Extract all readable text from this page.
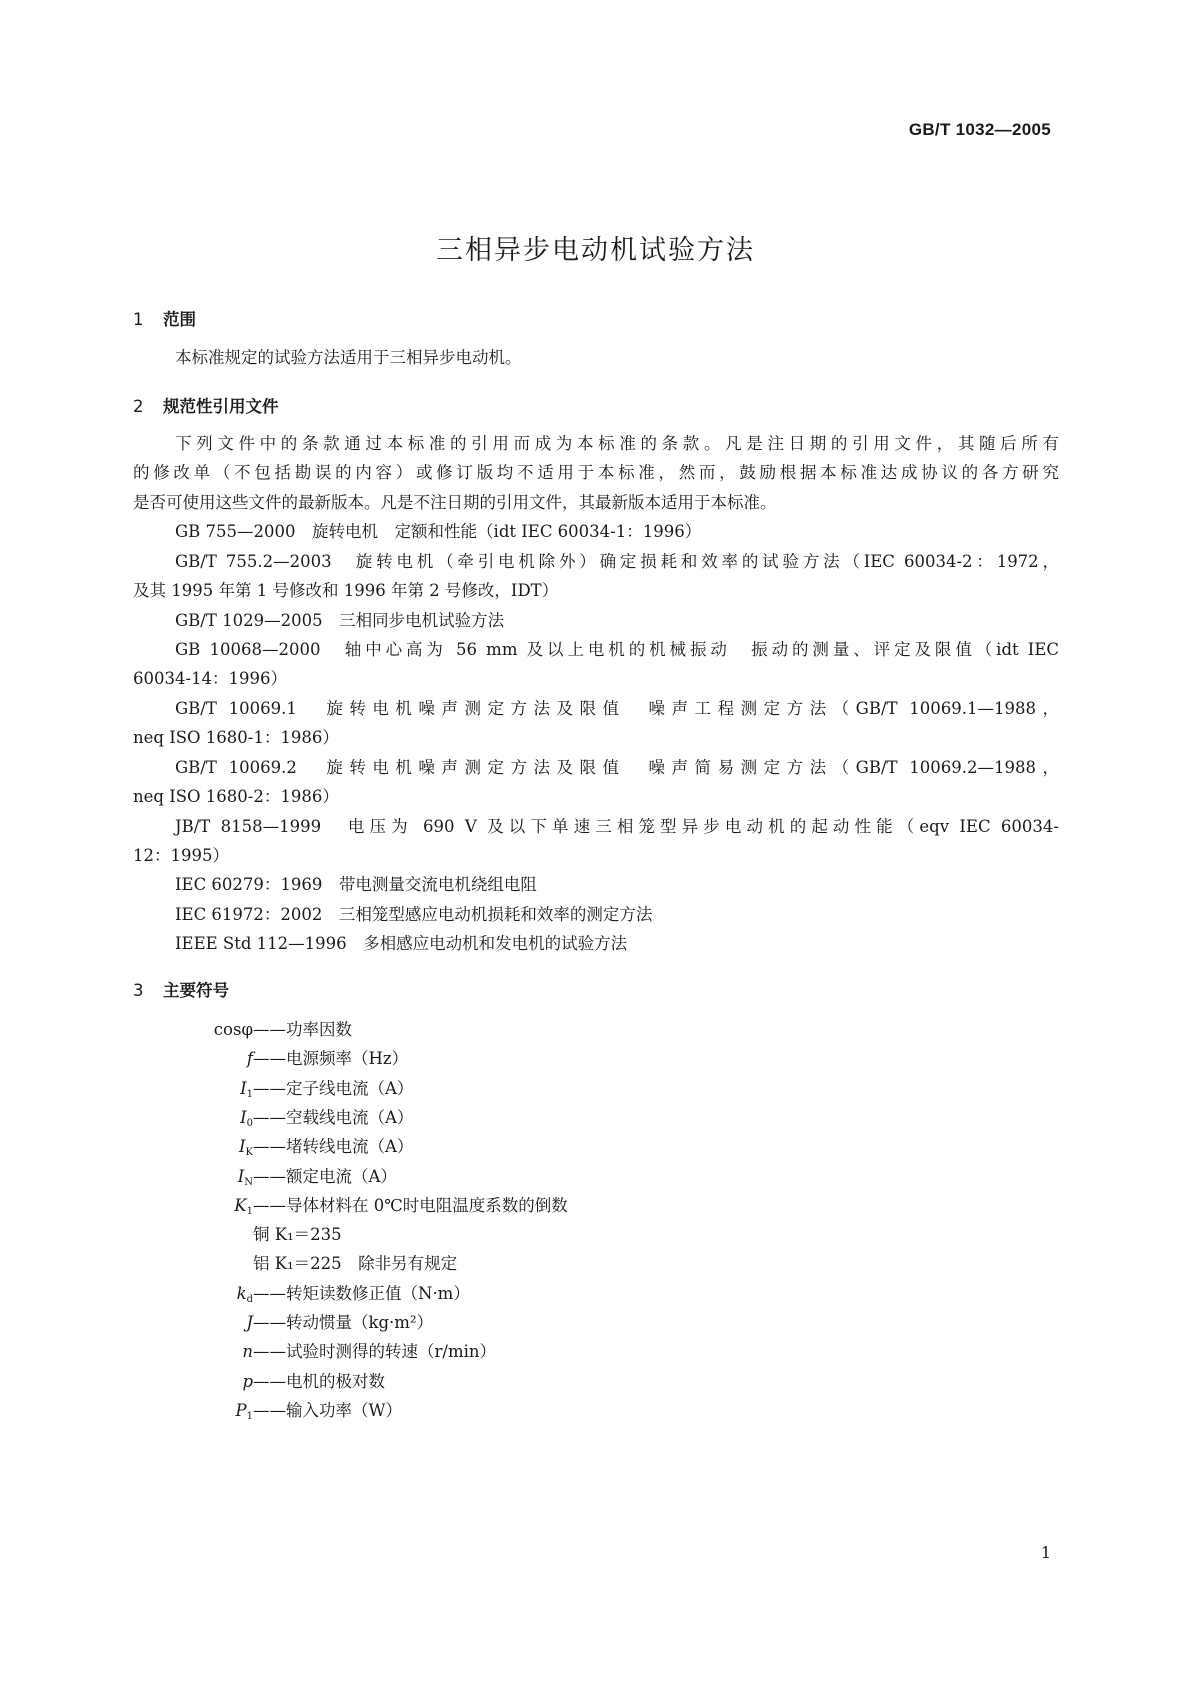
GB/T 1032—2005
三相异步电动机试验方法
1 范围
本标准规定的试验方法适用于三相异步电动机。
2 规范性引用文件
下列文件中的条款通过本标准的引用而成为本标准的条款。凡是注日期的引用文件，其随后所有
的修改单（不包括勘误的内容）或修订版均不适用于本标准，然而，鼓励根据本标准达成协议的各方研究
是否可使用这些文件的最新版本。凡是不注日期的引用文件，其最新版本适用于本标准。
GB 755—2000　旋转电机　定额和性能（idt IEC 60034-1：1996）
GB/T 755.2—2003　旋转电机（牵引电机除外）确定损耗和效率的试验方法（IEC 60034-2：1972，
及其 1995 年第 1 号修改和 1996 年第 2 号修改，IDT）
GB/T 1029—2005　三相同步电机试验方法
GB 10068—2000　轴中心高为 56 mm 及以上电机的机械振动　振动的测量、评定及限值（idt IEC
60034-14：1996）
GB/T 10069.1　旋转电机噪声测定方法及限值　噪声工程测定方法（GB/T 10069.1—1988，
neq ISO 1680-1：1986）
GB/T 10069.2　旋转电机噪声测定方法及限值　噪声简易测定方法（GB/T 10069.2—1988，
neq ISO 1680-2：1986）
JB/T 8158—1999　电压为 690 V 及以下单速三相笼型异步电动机的起动性能（eqv IEC 60034-
12：1995）
IEC 60279：1969　带电测量交流电机绕组电阻
IEC 61972：2002　三相笼型感应电动机损耗和效率的测定方法
IEEE Std 112—1996　多相感应电动机和发电机的试验方法
3 主要符号
cosφ ——功率因数
f ——电源频率（Hz）
$I_1$ ——定子线电流（A）
$I_0$ ——空载线电流（A）
$I_K$ ——堵转线电流（A）
$I_N$ ——额定电流（A）
$K_1$ ——导体材料在 0℃时电阻温度系数的倒数
铜 K₁＝235
铝 K₁＝225　除非另有规定
$k_d$ ——转矩读数修正值（N·m）
J ——转动惯量（kg·m²）
n ——试验时测得的转速（r/min）
p ——电机的极对数
$P_1$ ——输入功率（W）
1
